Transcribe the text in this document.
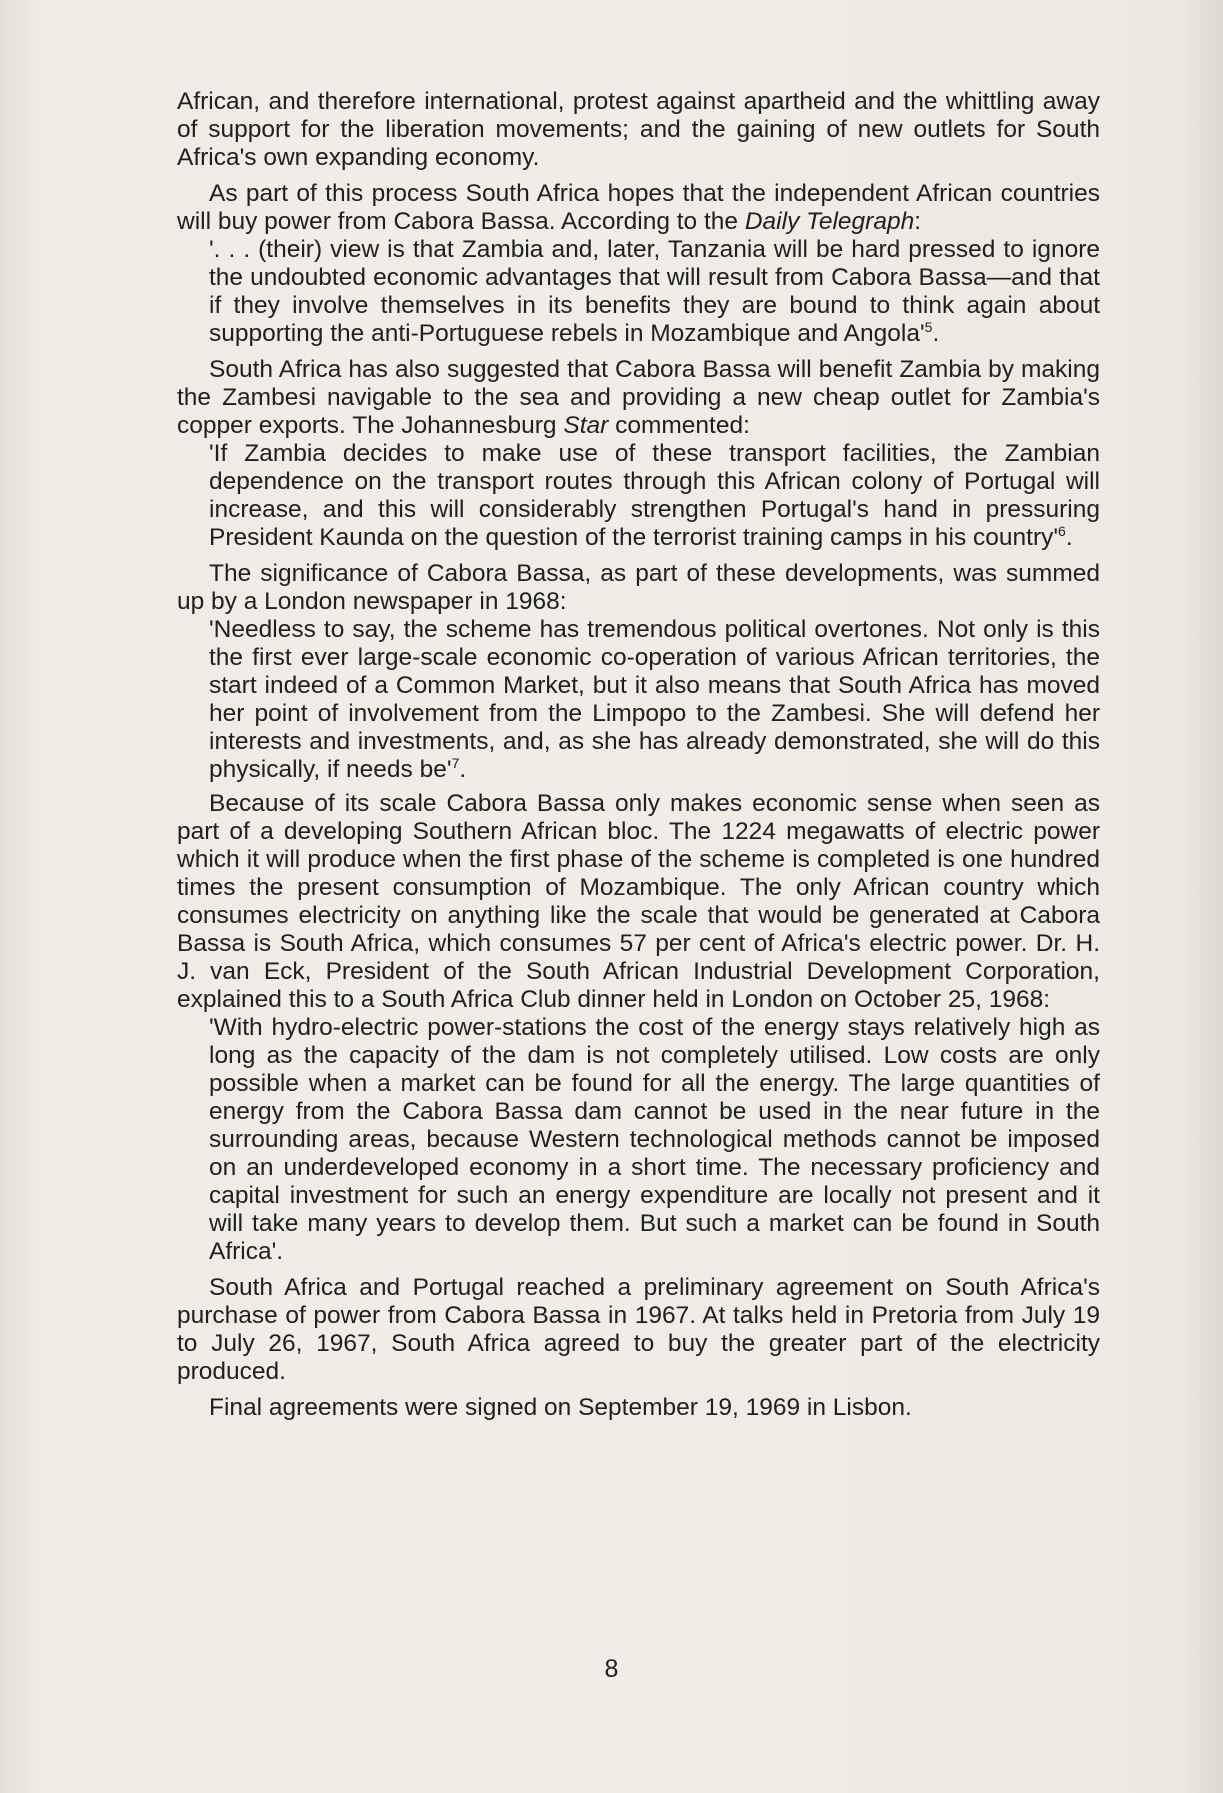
African, and therefore international, protest against apartheid and the whittling away of support for the liberation movements; and the gaining of new outlets for South Africa's own expanding economy.

As part of this process South Africa hopes that the independent African countries will buy power from Cabora Bassa. According to the Daily Telegraph:

'. . . (their) view is that Zambia and, later, Tanzania will be hard pressed to ignore the undoubted economic advantages that will result from Cabora Bassa—and that if they involve themselves in its benefits they are bound to think again about supporting the anti-Portuguese rebels in Mozambique and $Angola'^5$.

South Africa has also suggested that Cabora Bassa will benefit Zambia by making the Zambesi navigable to the sea and providing a new cheap outlet for Zambia's copper exports. The Johannesburg Star commented:

'If Zambia decides to make use of these transport facilities, the Zambian dependence on the transport routes through this African colony of Portugal will increase, and this will considerably strengthen Portugal's hand in pressuring President Kaunda on the question of the terrorist training camps in his $country'^6$.

The significance of Cabora Bassa, as part of these developments, was summed up by a London newspaper in 1968:

'Needless to say, the scheme has tremendous political overtones. Not only is this the first ever large-scale economic co-operation of various African territories, the start indeed of a Common Market, but it also means that South Africa has moved her point of involvement from the Limpopo to the Zambesi. She will defend her interests and investments, and, as she has already demonstrated, she will do this physically, if needs $be'^7$.

Because of its scale Cabora Bassa only makes economic sense when seen as part of a developing Southern African bloc. The 1224 megawatts of electric power which it will produce when the first phase of the scheme is completed is one hundred times the present consumption of Mozambique. The only African country which consumes electricity on anything like the scale that would be generated at Cabora Bassa is South Africa, which consumes 57 per cent of Africa's electric power. Dr. H. J. van Eck, President of the South African Industrial Development Corporation, explained this to a South Africa Club dinner held in London on October 25, 1968:

'With hydro-electric power-stations the cost of the energy stays relatively high as long as the capacity of the dam is not completely utilised. Low costs are only possible when a market can be found for all the energy. The large quantities of energy from the Cabora Bassa dam cannot be used in the near future in the surrounding areas, because Western technological methods cannot be imposed on an underdeveloped economy in a short time. The necessary proficiency and capital investment for such an energy expenditure are locally not present and it will take many years to develop them. But such a market can be found in South Africa'.

South Africa and Portugal reached a preliminary agreement on South Africa's purchase of power from Cabora Bassa in 1967. At talks held in Pretoria from July 19 to July 26, 1967, South Africa agreed to buy the greater part of the electricity produced.

Final agreements were signed on September 19, 1969 in Lisbon.

8
